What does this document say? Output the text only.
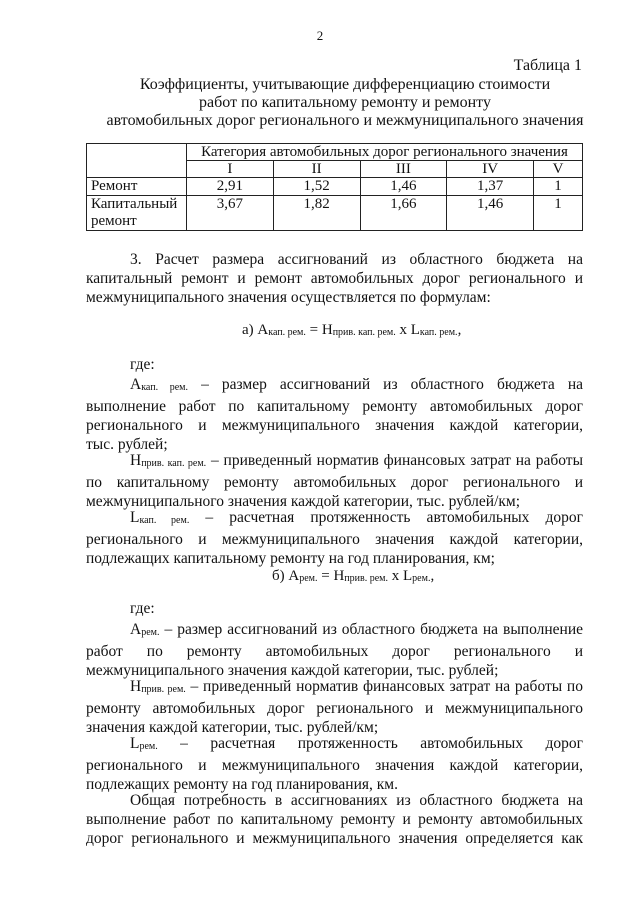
2
Таблица 1
Коэффициенты, учитывающие дифференциацию стоимости
работ по капитальному ремонту и ремонту
автомобильных дорог регионального и межмуниципального значения
	Категория автомобильных дорог регионального значения				
	I	II	III	IV	V
Ремонт	2,91	1,52	1,46	1,37	1

Капитальный
ремонт	3,67	1,82	1,66	1,46	1
3. Расчет размера ассигнований из областного бюджета на
капитальный ремонт и ремонт автомобильных дорог регионального и
межмуниципального значения осуществляется по формулам:
а) $А_{кап. рем.} = Н_{прив. кап. рем.}$ х $L_{кап. рем.}$,
где:
$А_{кап. рем.}$ – размер ассигнований из областного бюджета на
выполнение работ по капитальному ремонту автомобильных дорог
регионального и межмуниципального значения каждой категории,
тыс. рублей;
$Н_{прив. кап. рем.}$ – приведенный норматив финансовых затрат на работы
по капитальному ремонту автомобильных дорог регионального и
межмуниципального значения каждой категории, тыс. рублей/км;
$L_{кап. рем.}$ – расчетная протяженность автомобильных дорог
регионального и межмуниципального значения каждой категории,
подлежащих капитальному ремонту на год планирования, км;
б) $А_{рем.} = Н_{прив. рем.}$ х $L_{рем.}$,
где:
$А_{рем.}$ – размер ассигнований из областного бюджета на выполнение
работ по ремонту автомобильных дорог регионального и
межмуниципального значения каждой категории, тыс. рублей;
$Н_{прив. рем.}$ – приведенный норматив финансовых затрат на работы по
ремонту автомобильных дорог регионального и межмуниципального
значения каждой категории, тыс. рублей/км;
$L_{рем.}$ – расчетная протяженность автомобильных дорог
регионального и межмуниципального значения каждой категории,
подлежащих ремонту на год планирования, км.
Общая потребность в ассигнованиях из областного бюджета на
выполнение работ по капитальному ремонту и ремонту автомобильных
дорог регионального и межмуниципального значения определяется как
